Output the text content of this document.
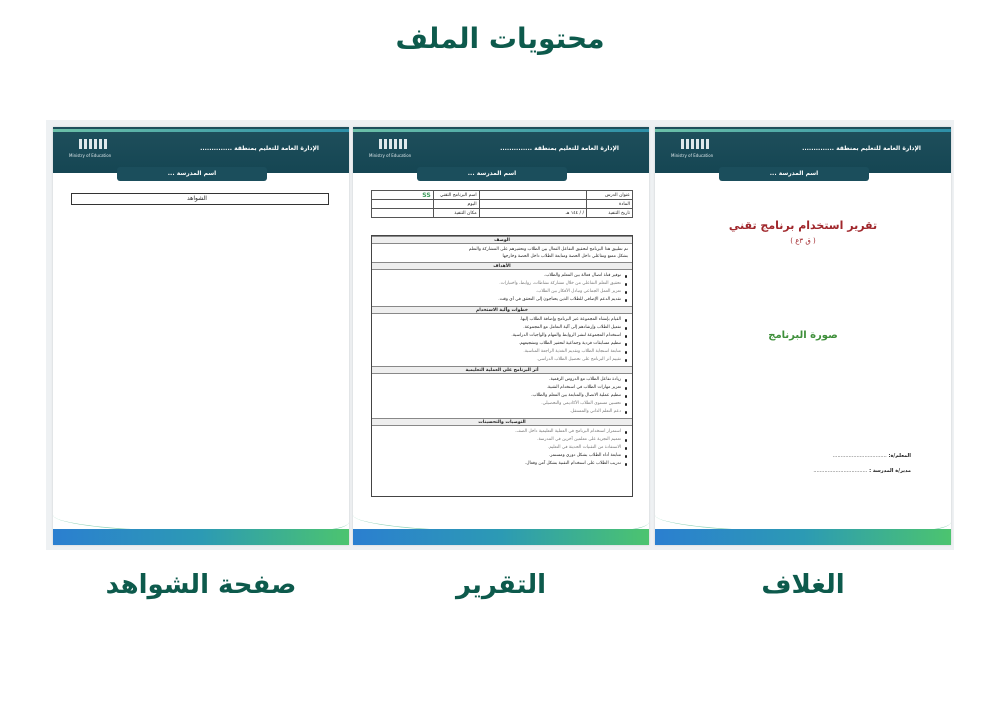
محتويات الملف
Ministry of Education
الإدارة العامة للتعليم بمنطقة ..............
اسم المدرسة ...
الشواهد
Ministry of Education
الإدارة العامة للتعليم بمنطقة ..............
اسم المدرسة ...
عنوان الدرس		اسم البرنامج التقني	SS
المادة		اليوم	
تاريخ التنفيذ	/ / ١٤٤ هـ	مكان التنفيذ	
الوصف
تم تطبيق هذا البرنامج لتحقيق التفاعل الفعال بين الطلاب وتحفيزهم على المشاركة والتعلم
بشكل ممتع وتفاعلي داخل الحصة ومتابعة الطلاب داخل الحصة وخارجها
الأهداف
توفير قناة اتصال فعالة بين المعلم والطلاب.
تحقيق التعلم التفاعلي من خلال مشاركة نشاطات، روابط، واختبارات.
تعزيز العمل الجماعي وتبادل الأفكار بين الطلاب.
تقديم الدعم الإضافي للطلاب الذين يحتاجون إلى التحقق في أي وقت.
خطوات وآلية الاستخدام
القيام بإنشاء المجموعة عبر البرنامج وإضافة الطلاب إليها.
تفعيل الطلاب وإرشادهم إلى آلية التعامل مع المجموعة.
استخدام المجموعة لنشر الروابط والمهام والواجبات الدراسية.
تنظيم مسابقات فردية وجماعية لتحفيز الطلاب وتشجيعهم.
متابعة استجابة الطلاب وتقديم التغذية الراجعة المناسبة.
تقييم أثر البرنامج على تحصيل الطلاب الدراسي.
أثر البرنامج على العملية التعليمية
زيادة تفاعل الطلاب مع الدروس الرقمية.
تعزيز مهارات الطلاب في استخدام التقنية.
تنظيم عملية الاتصال والمتابعة بين المعلم والطلاب.
تحسين مستوى الطلاب الأكاديمي والتحصيلي.
دعم التعلم الذاتي والمستقل.
التوصيات والتحسينات
استمرار استخدام البرنامج في العملية التعليمية داخل الصف.
تعميم التجربة على معلمين آخرين في المدرسة.
الاستفادة من التقنيات الحديثة في التعليم.
متابعة أداء الطلاب بشكل دوري ومستمر.
تدريب الطلاب على استخدام التقنية بشكل آمن وفعال.
Ministry of Education
الإدارة العامة للتعليم بمنطقة ..............
اسم المدرسة ...
تقرير استخدام برنامج تقني
( ق ٣ع )
صورة البرنامج
المعلم/ة: ..................................
مدير/ة المدرسة : ..................................
صفحة الشواهد	التقرير	الغلاف
